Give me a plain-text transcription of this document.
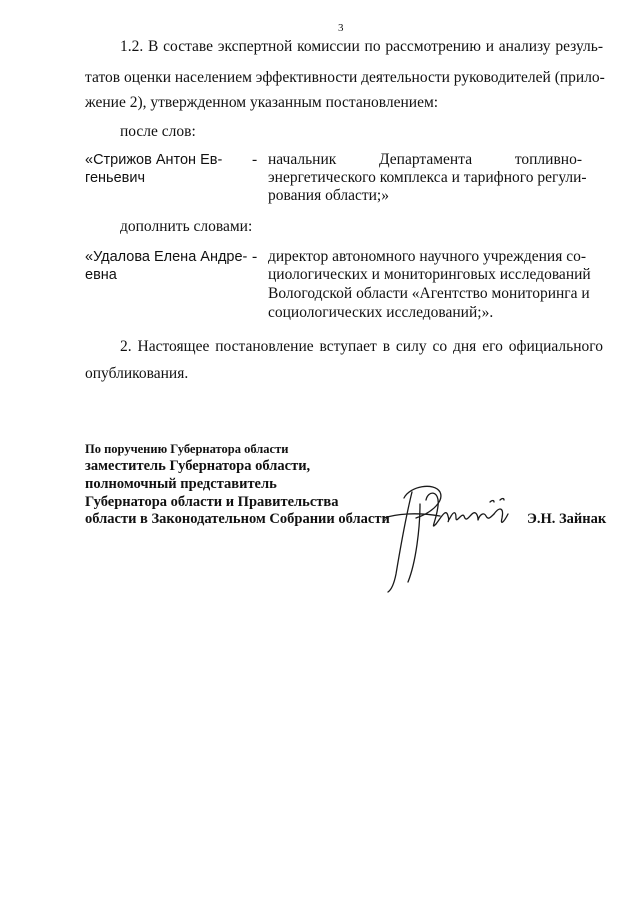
3
1.2. В составе экспертной комиссии по рассмотрению и анализу резуль-
татов оценки населением эффективности деятельности руководителей (прило-
жение 2), утвержденном указанным постановлением:
после слов:
«Стрижов Антон Ев-
геньевич
- начальник Департамента топливно-
энергетического комплекса и тарифного регули-
рования области;»
дополнить словами:
«Удалова Елена Андре-
евна
- директор автономного научного учреждения со-
циологических и мониторинговых исследований
Вологодской области «Агентство мониторинга и
социологических исследований;».
2. Настоящее постановление вступает в силу со дня его официального
опубликования.
По поручению Губернатора области
заместитель Губернатора области,
полномочный представитель
Губернатора области и Правительства
области в Законодательном Собрании области	Э.Н. Зайнак
